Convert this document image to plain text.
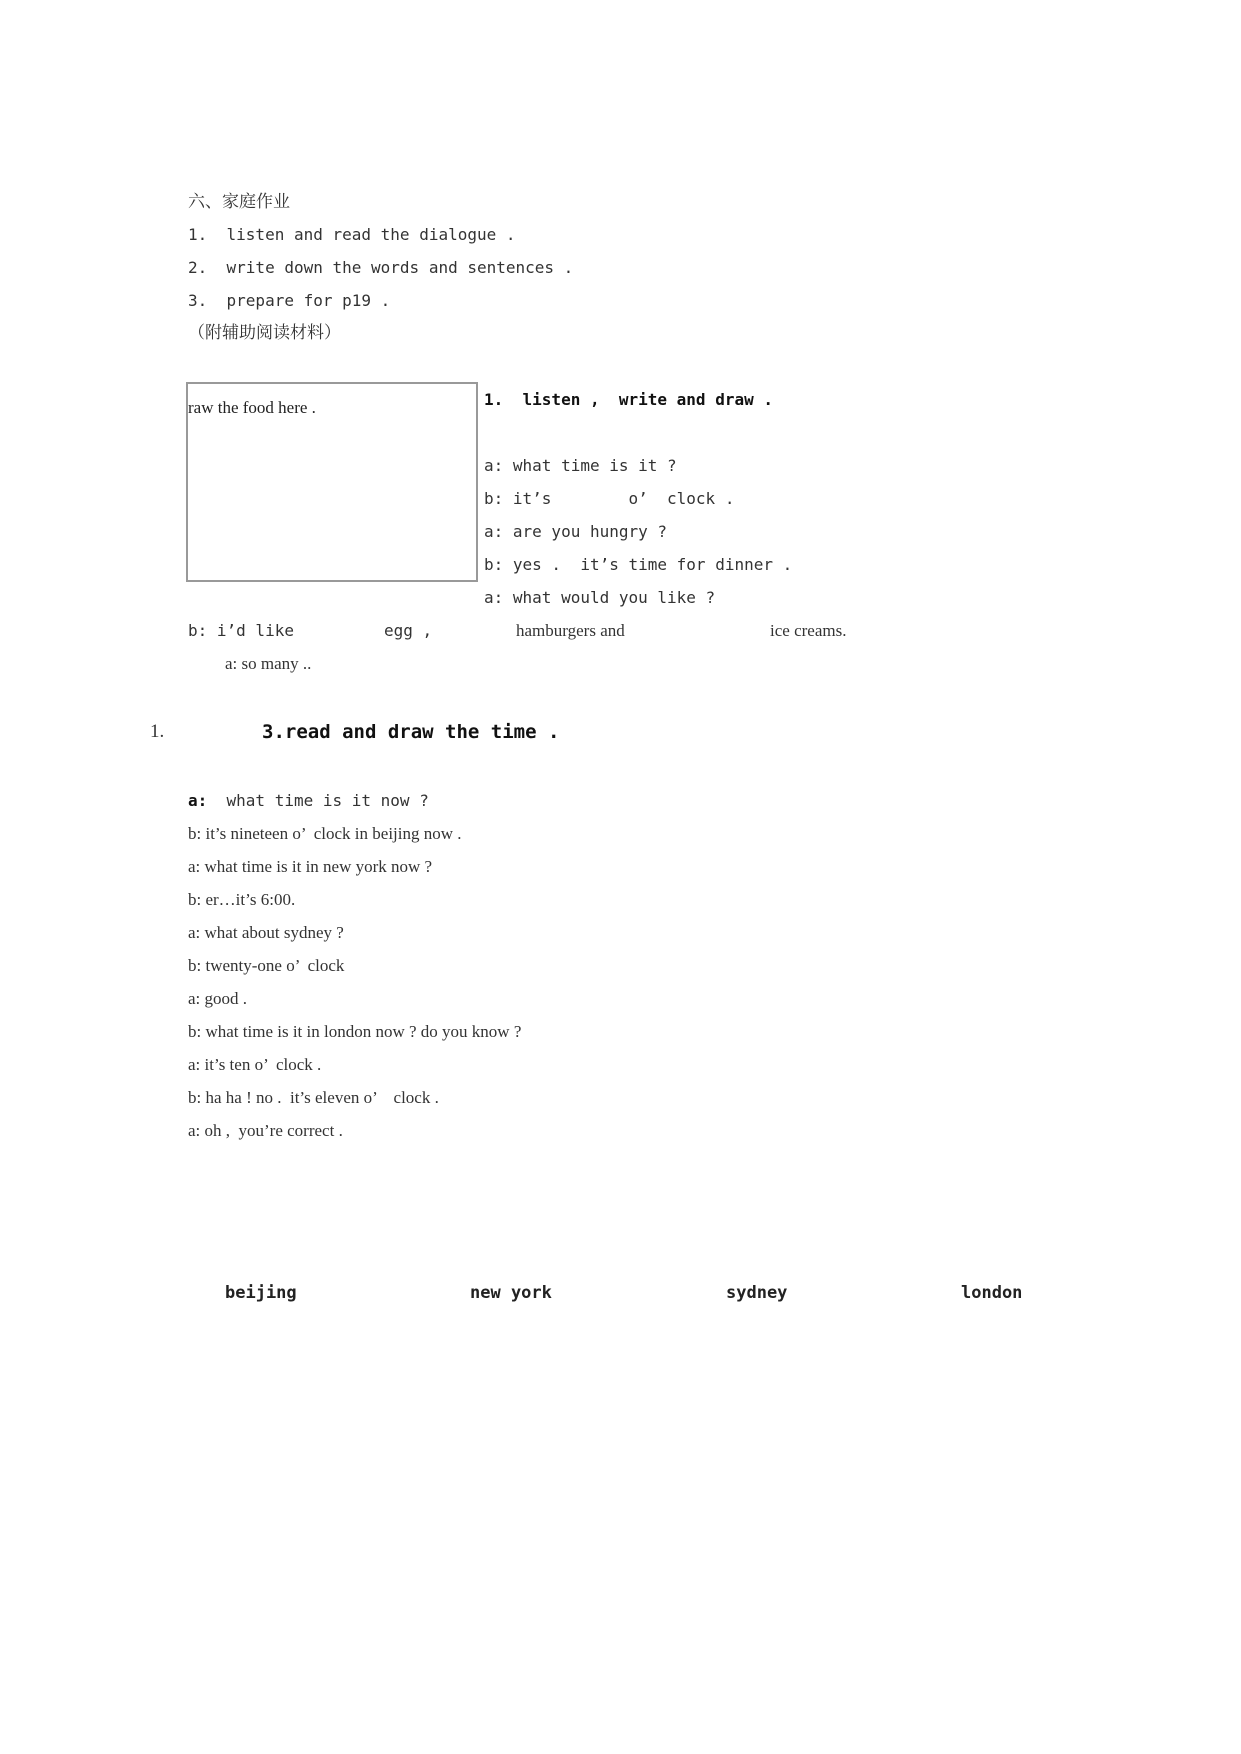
六、家庭作业
1.  listen and read the dialogue .
2.  write down the words and sentences .
3.  prepare for p19 .
（附辅助阅读材料）
raw the food here .	1.  listen ,  write and draw .
a: what time is it ?
b: it’s        o’  clock .
a: are you hungry ?
b: yes .  it’s time for dinner .
a: what would you like ?
b: i’d like	egg ,	hamburgers and	ice creams.
a: so many ..
1.	3.read and draw the time .
a:  what time is it now ?
b: it’s nineteen o’  clock in beijing now .
a: what time is it in new york now ?
b: er…it’s 6:00.
a: what about sydney ?
b: twenty-one o’  clock
a: good .
b: what time is it in london now ? do you know ?
a: it’s ten o’  clock .
b: ha ha ! no .  it’s eleven o’    clock .
a: oh ,  you’re correct .
beijing	new york	sydney	london
